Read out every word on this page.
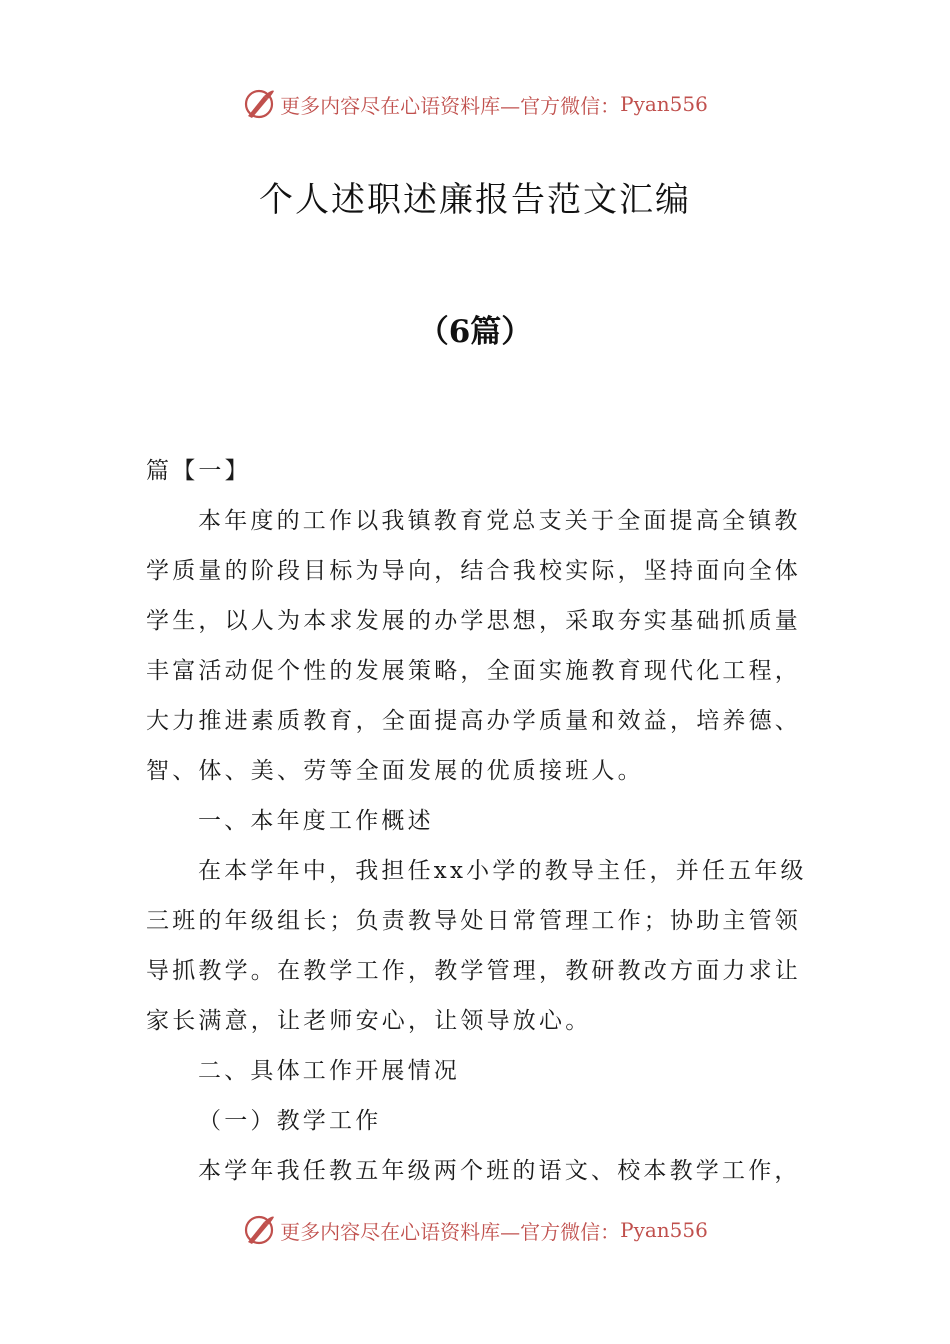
更多内容尽在心语资料库—官方微信： Pyan556
个人述职述廉报告范文汇编
（6篇）

篇【一】

本年度的工作以我镇教育党总支关于全面提高全镇教

学质量的阶段目标为导向，结合我校实际，坚持面向全体

学生，以人为本求发展的办学思想，采取夯实基础抓质量

丰富活动促个性的发展策略，全面实施教育现代化工程，

大力推进素质教育，全面提高办学质量和效益，培养德、

智、体、美、劳等全面发展的优质接班人。

一、本年度工作概述

在本学年中，我担任xx小学的教导主任，并任五年级

三班的年级组长；负责教导处日常管理工作；协助主管领

导抓教学。在教学工作，教学管理，教研教改方面力求让

家长满意，让老师安心，让领导放心。

二、具体工作开展情况

（一）教学工作

本学年我任教五年级两个班的语文、校本教学工作，

更多内容尽在心语资料库—官方微信： Pyan556
